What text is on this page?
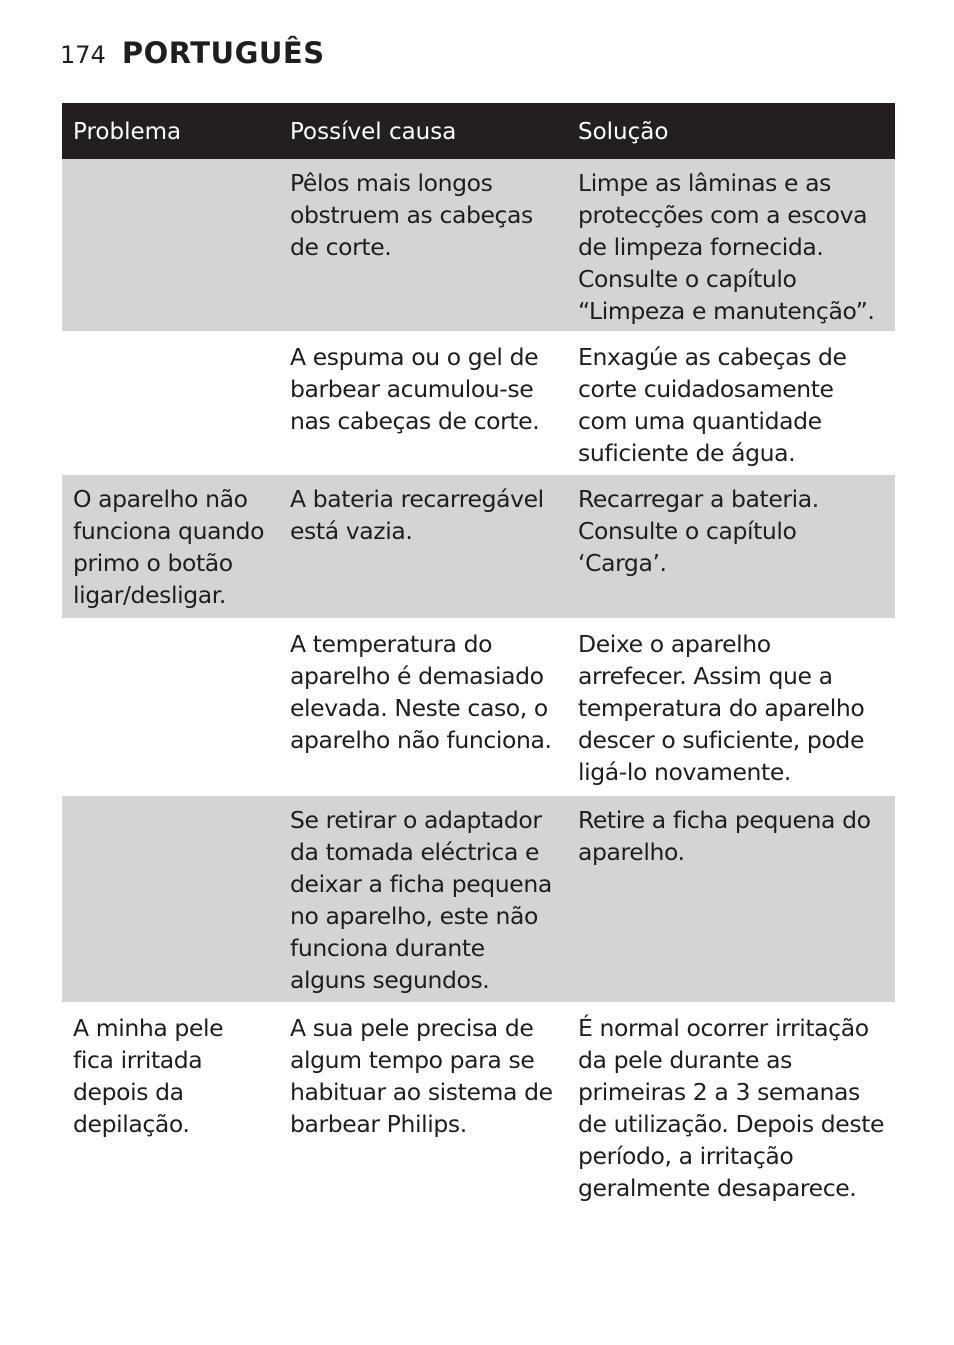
174 PORTUGUÊS
Problema	Possível causa	Solução
Pêlos mais longos
obstruem as cabeças
de corte.
Limpe as lâminas e as
protecções com a escova
de limpeza fornecida.
Consulte o capítulo
“Limpeza e manutenção”.
A espuma ou o gel de
barbear acumulou-se
nas cabeças de corte.
Enxagúe as cabeças de
corte cuidadosamente
com uma quantidade
suficiente de água.
O aparelho não
funciona quando
primo o botão
ligar/desligar.
A bateria recarregável
está vazia.
Recarregar a bateria.
Consulte o capítulo
‘Carga’.
A temperatura do
aparelho é demasiado
elevada. Neste caso, o
aparelho não funciona.
Deixe o aparelho
arrefecer. Assim que a
temperatura do aparelho
descer o suficiente, pode
ligá-lo novamente.
Se retirar o adaptador
da tomada eléctrica e
deixar a ficha pequena
no aparelho, este não
funciona durante
alguns segundos.
Retire a ficha pequena do
aparelho.
A minha pele
fica irritada
depois da
depilação.
A sua pele precisa de
algum tempo para se
habituar ao sistema de
barbear Philips.
É normal ocorrer irritação
da pele durante as
primeiras 2 a 3 semanas
de utilização. Depois deste
período, a irritação
geralmente desaparece.
